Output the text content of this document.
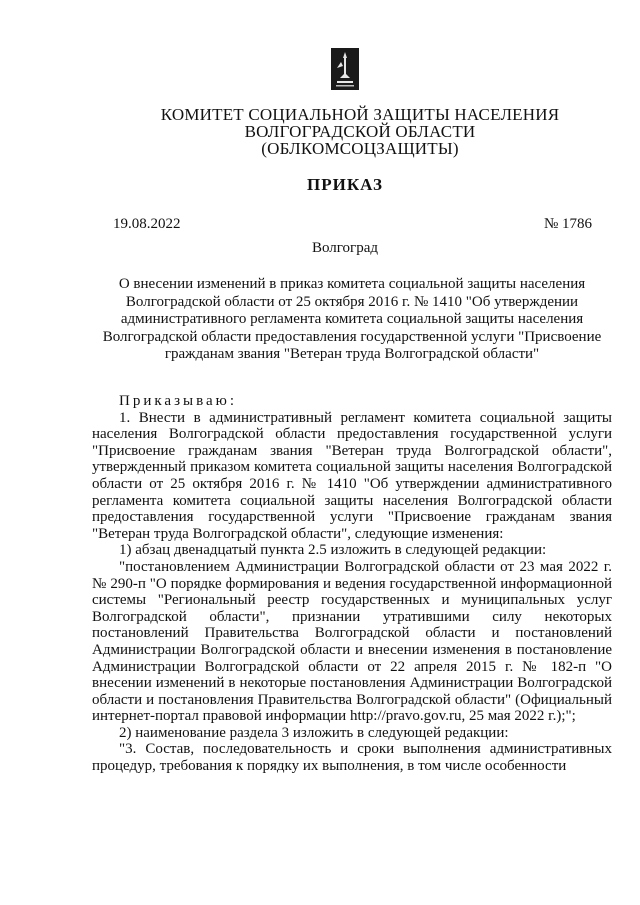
КОМИТЕТ СОЦИАЛЬНОЙ ЗАЩИТЫ НАСЕЛЕНИЯ
ВОЛГОГРАДСКОЙ ОБЛАСТИ
(ОБЛКОМСОЦЗАЩИТЫ)
ПРИКАЗ
19.08.2022	№ 1786
Волгоград
О внесении изменений в приказ комитета социальной защиты населения Волгоградской области от 25 октября 2016 г. № 1410 "Об утверждении административного регламента комитета социальной защиты населения Волгоградской области предоставления государственной услуги "Присвоение гражданам звания "Ветеран труда Волгоградской области"

Приказываю:

1. Внести в административный регламент комитета социальной защиты населения Волгоградской области предоставления государственной услуги "Присвоение гражданам звания "Ветеран труда Волгоградской области", утвержденный приказом комитета социальной защиты населения Волгоградской области от 25 октября 2016 г. № 1410 "Об утверждении административного регламента комитета социальной защиты населения Волгоградской области предоставления государственной услуги "Присвоение гражданам звания "Ветеран труда Волгоградской области", следующие изменения:

1) абзац двенадцатый пункта 2.5 изложить в следующей редакции:

"постановлением Администрации Волгоградской области от 23 мая 2022 г. № 290-п "О порядке формирования и ведения государственной информационной системы "Региональный реестр государственных и муниципальных услуг Волгоградской области", признании утратившими силу некоторых постановлений Правительства Волгоградской области и постановлений Администрации Волгоградской области и внесении изменения в постановление Администрации Волгоградской области от 22 апреля 2015 г. № 182-п "О внесении изменений в некоторые постановления Администрации Волгоградской области и постановления Правительства Волгоградской области" (Официальный интернет-портал правовой информации http://pravo.gov.ru, 25 мая 2022 г.);";

2) наименование раздела 3 изложить в следующей редакции:

"3. Состав, последовательность и сроки выполнения административных процедур, требования к порядку их выполнения, в том числе особенности
